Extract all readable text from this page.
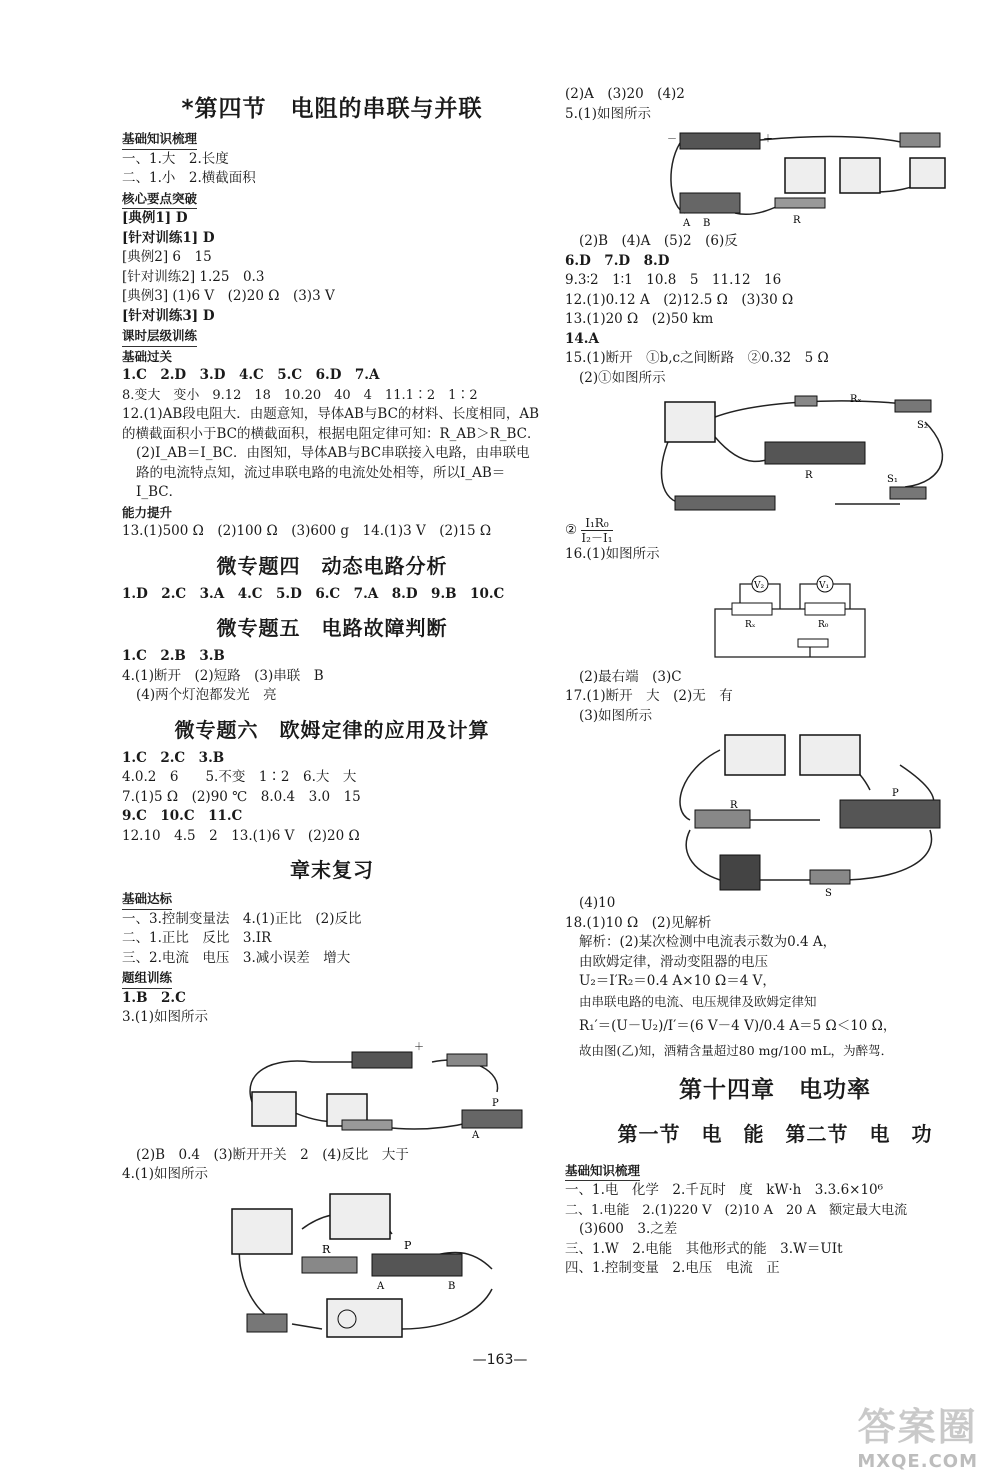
*第四节　电阻的串联与并联
基础知识梳理
一、1.大　2.长度
二、1.小　2.横截面积
核心要点突破
[典例1] D
[针对训练1] D
[典例2] 6　15
[针对训练2] 1.25　0.3
[典例3] (1)6 V　(2)20 Ω　(3)3 V
[针对训练3] D
课时层级训练
基础过关
1.C　2.D　3.D　4.C　5.C　6.D　7.A
8.变大　变小　9.12　18　10.20　40　4　11.1∶2　1∶2
12.(1)AB段电阻大．由题意知，导体AB与BC的材料、长度相同，AB的横截面积小于BC的横截面积，根据电阻定律可知：R_AB＞R_BC．
(2)I_AB＝I_BC．由图知，导体AB与BC串联接入电路，由串联电路的电流特点知，流过串联电路的电流处处相等，所以I_AB＝I_BC．
能力提升
13.(1)500 Ω　(2)100 Ω　(3)600 g　14.(1)3 V　(2)15 Ω
微专题四　动态电路分析
1.D　2.C　3.A　4.C　5.D　6.C　7.A　8.D　9.B　10.C
微专题五　电路故障判断
1.C　2.B　3.B
4.(1)断开　(2)短路　(3)串联　B
(4)两个灯泡都发光　亮
微专题六　欧姆定律的应用及计算
1.C　2.C　3.B
4.0.2　6　　5.不变　1∶2　6.大　大
7.(1)5 Ω　(2)90 ℃　8.0.4　3.0　15
9.C　10.C　11.C
12.10　4.5　2　13.(1)6 V　(2)20 Ω
章末复习
基础达标
一、3.控制变量法　4.(1)正比　(2)反比
二、1.正比　反比　3.IR
三、2.电流　电压　3.减小误差　增大
题组训练
1.B　2.C
3.(1)如图所示
A
P
＋
(2)B　0.4　(3)断开开关　2　(4)反比　大于
4.(1)如图所示
R	P
A	B
(2)A　(3)20　(4)2
5.(1)如图所示
－	＋
A B	R
(2)B　(4)A　(5)2　(6)反
6.D　7.D　8.D
9.3∶2　1∶1　10.8　5　11.12　16
12.(1)0.12 A　(2)12.5 Ω　(3)30 Ω
13.(1)20 Ω　(2)50 km
14.A
15.(1)断开　①b,c之间断路　②0.32　5 Ω
(2)①如图所示
Rₓ
S₂
S₁
R
② $\frac{\text{I₁R₀}}{\text{I₂－I₁}}$
16.(1)如图所示
V₂	V₁
Rₓ	R₀
(2)最右端　(3)C
17.(1)断开　大　(2)无　有
(3)如图所示
R
P
S
(4)10
18.(1)10 Ω　(2)见解析
解析：(2)某次检测中电流表示数为0.4 A，
由欧姆定律，滑动变阻器的电压
U₂＝I′R₂＝0.4 A×10 Ω＝4 V，
由串联电路的电流、电压规律及欧姆定律知
R₁′＝(U－U₂)/I′＝(6 V－4 V)/0.4 A＝5 Ω＜10 Ω，
故由图(乙)知，酒精含量超过80 mg/100 mL，为醉驾．
第十四章　电功率
第一节　电　能　第二节　电　功
基础知识梳理
一、1.电　化学　2.千瓦时　度　kW·h　3.3.6×10⁶
二、1.电能　2.(1)220 V　(2)10 A　20 A　额定最大电流
(3)600　3.之差
三、1.W　2.电能　其他形式的能　3.W＝UIt
四、1.控制变量　2.电压　电流　正
—163—
答案圈
MXQE.COM
